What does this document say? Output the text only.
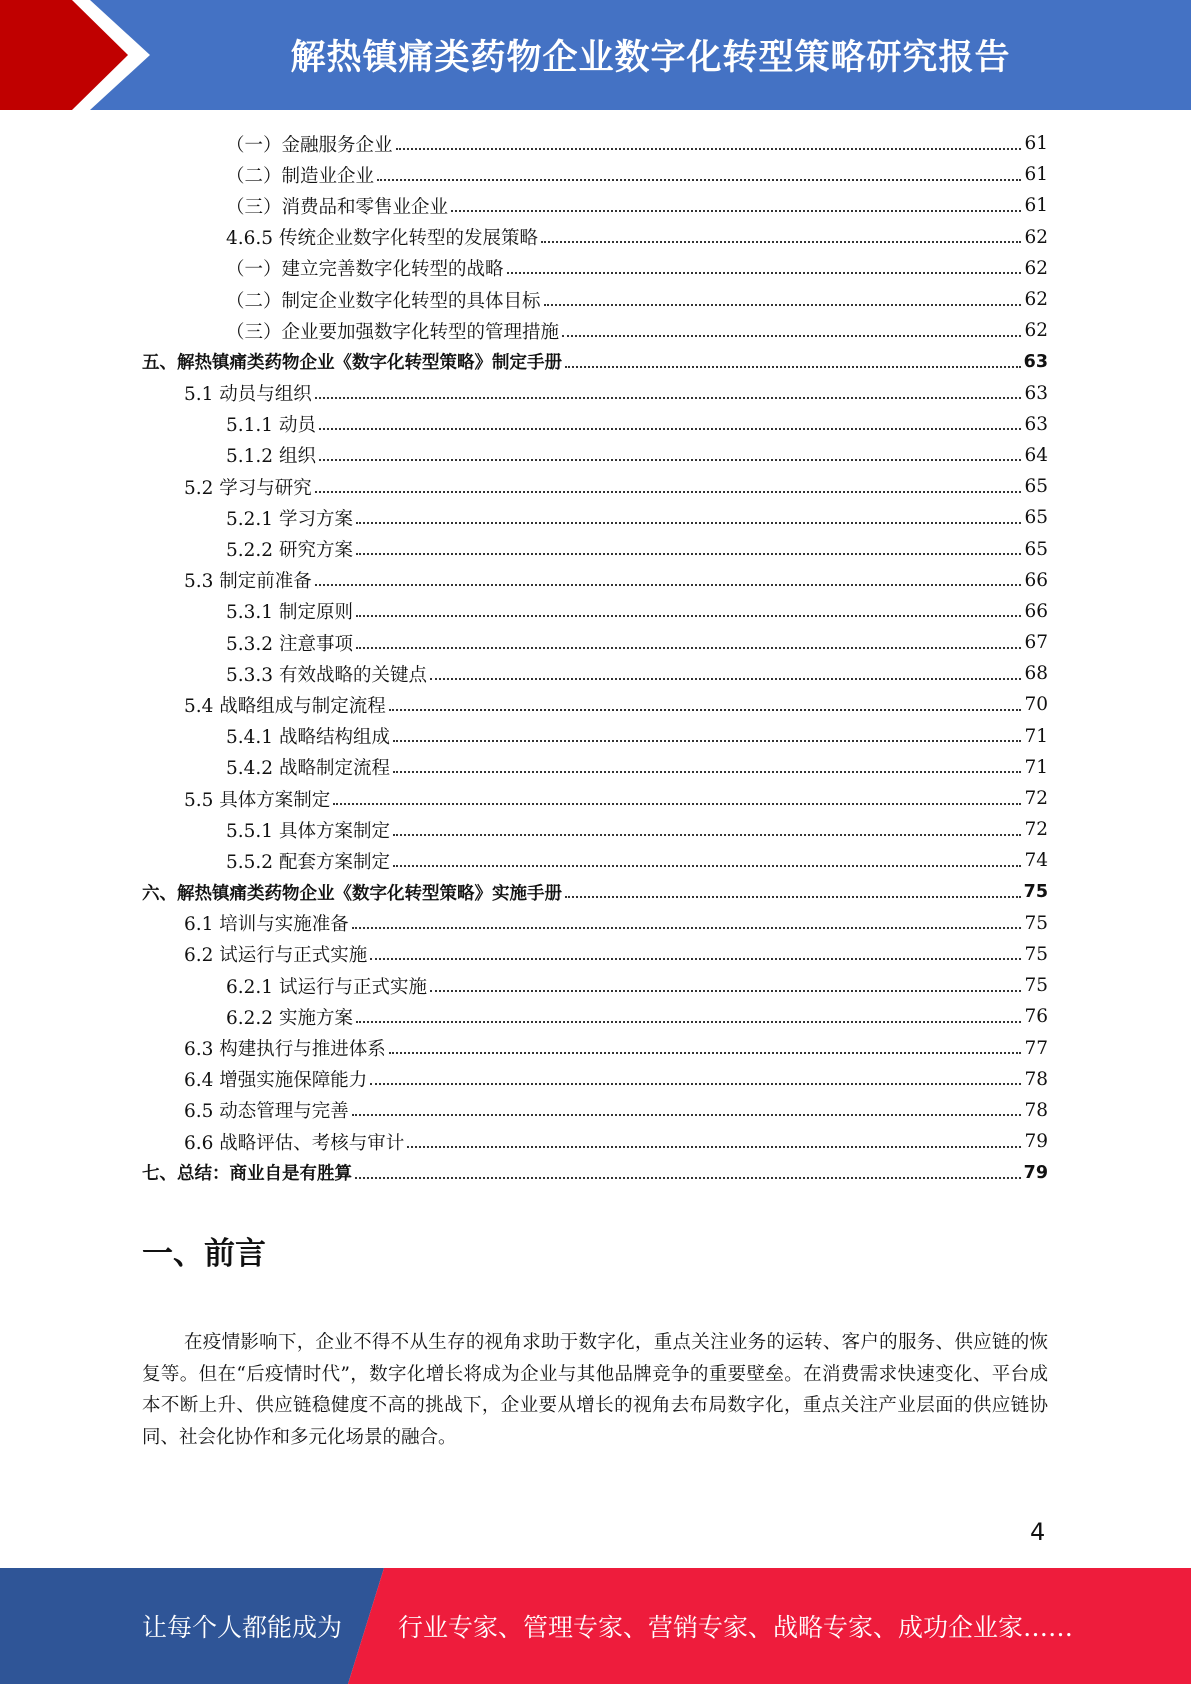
解热镇痛类药物企业数字化转型策略研究报告
（一）金融服务企业	61
（二）制造业企业	61
（三）消费品和零售业企业	61
4.6.5 传统企业数字化转型的发展策略	62
（一）建立完善数字化转型的战略	62
（二）制定企业数字化转型的具体目标	62
（三）企业要加强数字化转型的管理措施	62
五、解热镇痛类药物企业《数字化转型策略》制定手册	63
5.1 动员与组织	63
5.1.1 动员	63
5.1.2 组织	64
5.2 学习与研究	65
5.2.1 学习方案	65
5.2.2 研究方案	65
5.3 制定前准备	66
5.3.1 制定原则	66
5.3.2 注意事项	67
5.3.3 有效战略的关键点	68
5.4 战略组成与制定流程	70
5.4.1 战略结构组成	71
5.4.2 战略制定流程	71
5.5 具体方案制定	72
5.5.1 具体方案制定	72
5.5.2 配套方案制定	74
六、解热镇痛类药物企业《数字化转型策略》实施手册	75
6.1 培训与实施准备	75
6.2 试运行与正式实施	75
6.2.1 试运行与正式实施	75
6.2.2 实施方案	76
6.3 构建执行与推进体系	77
6.4 增强实施保障能力	78
6.5 动态管理与完善	78
6.6 战略评估、考核与审计	79
七、总结：商业自是有胜算	79
一、前言
在疫情影响下，企业不得不从生存的视角求助于数字化，重点关注业务的运转、客户的服务、供应链的恢复等。但在“后疫情时代”，数字化增长将成为企业与其他品牌竞争的重要壁垒。在消费需求快速变化、平台成本不断上升、供应链稳健度不高的挑战下，企业要从增长的视角去布局数字化，重点关注产业层面的供应链协同、社会化协作和多元化场景的融合。
4
让每个人都能成为 行业专家、管理专家、营销专家、战略专家、成功企业家……
